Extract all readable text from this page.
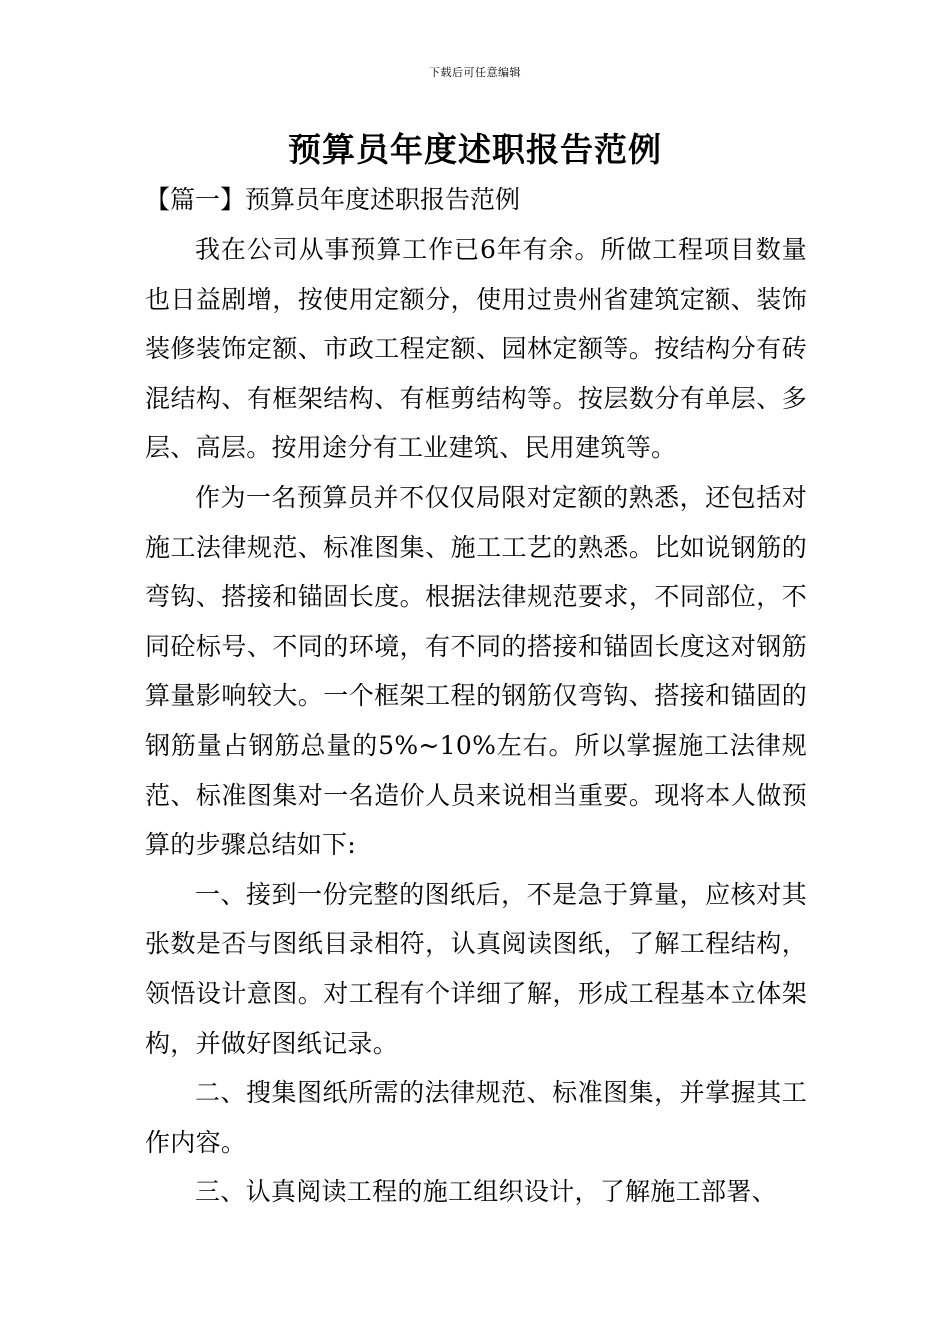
下载后可任意编辑
预算员年度述职报告范例
【篇一】预算员年度述职报告范例

我在公司从事预算工作已6年有余。所做工程项目数量也日益剧增，按使用定额分，使用过贵州省建筑定额、装饰装修装饰定额、市政工程定额、园林定额等。按结构分有砖混结构、有框架结构、有框剪结构等。按层数分有单层、多层、高层。按用途分有工业建筑、民用建筑等。

作为一名预算员并不仅仅局限对定额的熟悉，还包括对施工法律规范、标准图集、施工工艺的熟悉。比如说钢筋的弯钩、搭接和锚固长度。根据法律规范要求，不同部位，不同砼标号、不同的环境，有不同的搭接和锚固长度这对钢筋算量影响较大。一个框架工程的钢筋仅弯钩、搭接和锚固的钢筋量占钢筋总量的5%~10%左右。所以掌握施工法律规范、标准图集对一名造价人员来说相当重要。现将本人做预算的步骤总结如下:

一、接到一份完整的图纸后，不是急于算量，应核对其张数是否与图纸目录相符，认真阅读图纸，了解工程结构，领悟设计意图。对工程有个详细了解，形成工程基本立体架构，并做好图纸记录。

二、搜集图纸所需的法律规范、标准图集，并掌握其工作内容。

三、认真阅读工程的施工组织设计，了解施工部署、
